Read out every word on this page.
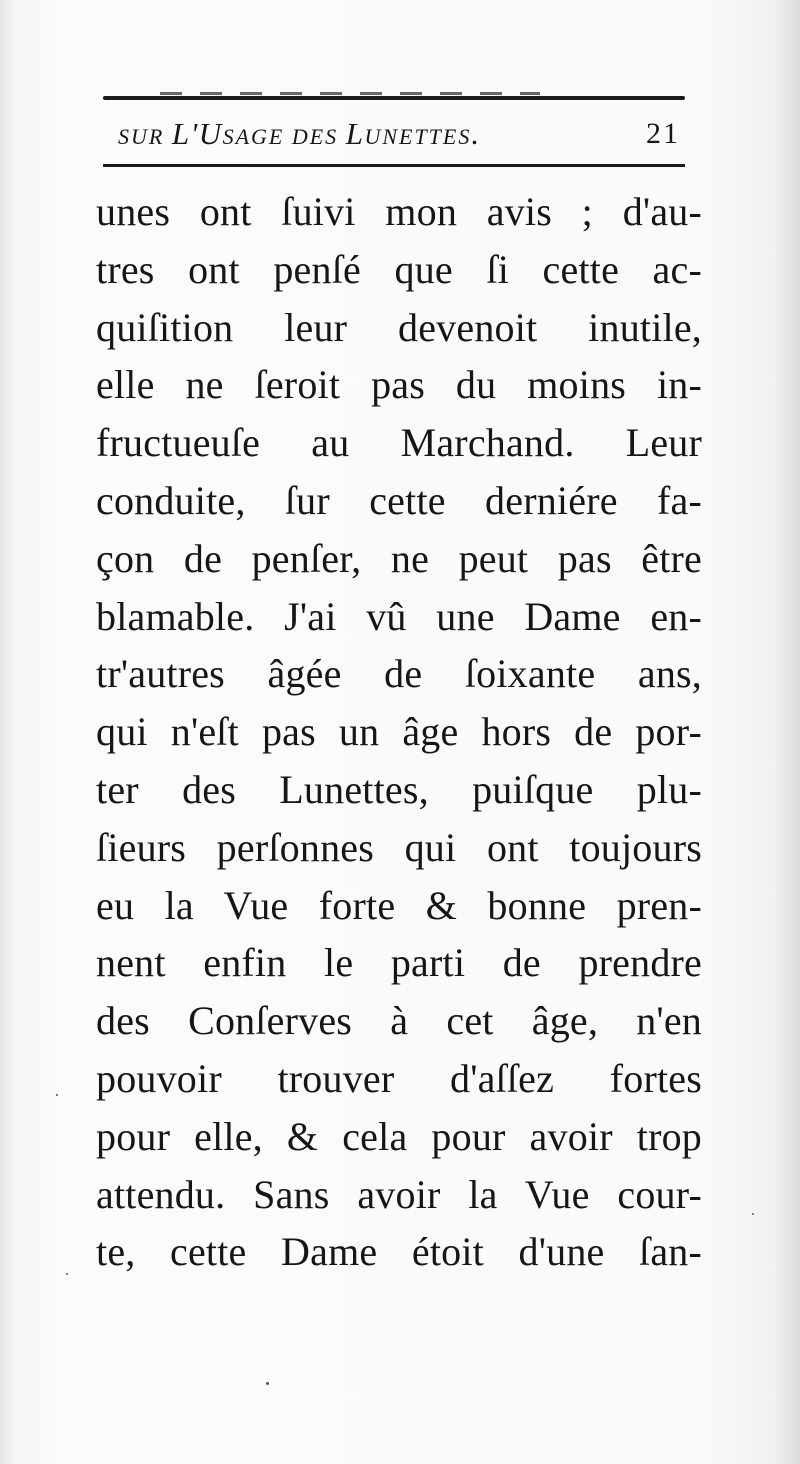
SUR L'USAGE DES LUNETTES.	21
unes ont ſuivi mon avis ; d'au-
tres ont penſé que ſi cette ac-
quiſition leur devenoit inutile,
elle ne ſeroit pas du moins in-
fructueuſe au Marchand. Leur
conduite, ſur cette derniére fa-
çon de penſer, ne peut pas être
blamable. J'ai vû une Dame en-
tr'autres âgée de ſoixante ans,
qui n'eſt pas un âge hors de por-
ter des Lunettes, puiſque plu-
ſieurs perſonnes qui ont toujours
eu la Vue forte & bonne pren-
nent enfin le parti de prendre
des Conſerves à cet âge, n'en
pouvoir trouver d'aſſez fortes
pour elle, & cela pour avoir trop
attendu. Sans avoir la Vue cour-
te, cette Dame étoit d'une ſan-
